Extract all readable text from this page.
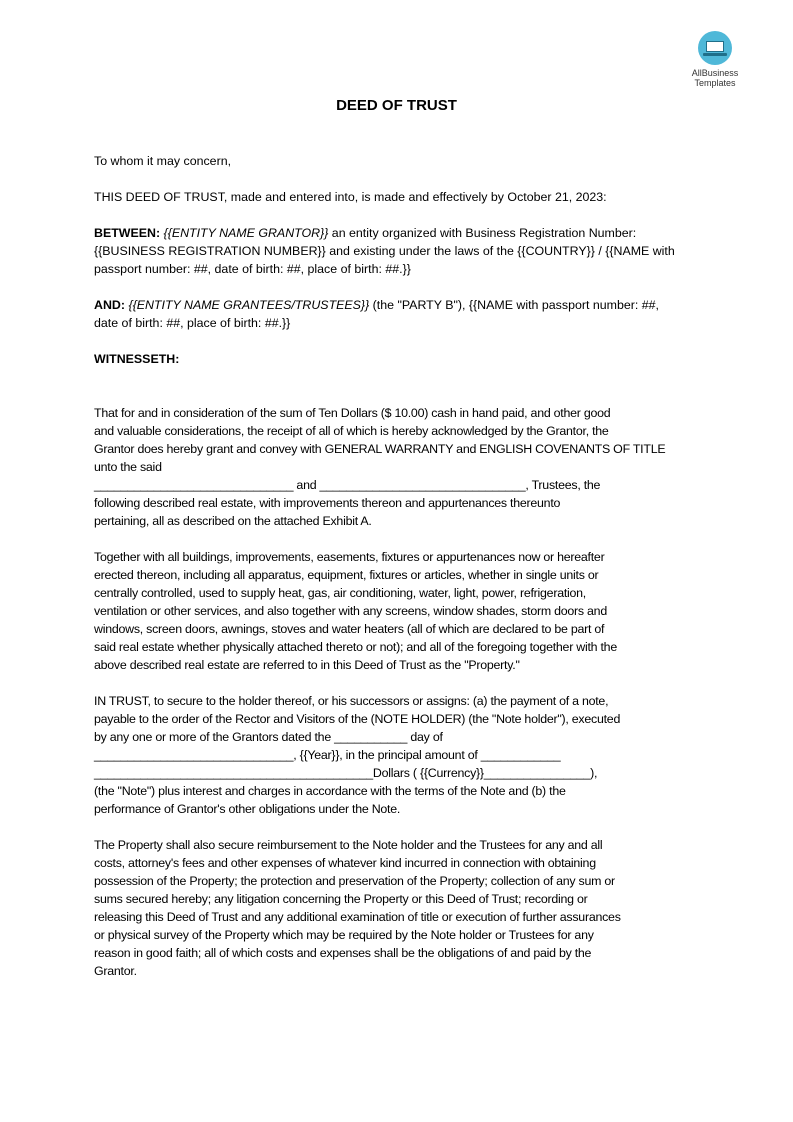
AllBusiness
Templates
DEED OF TRUST

To whom it may concern,

THIS DEED OF TRUST, made and entered into, is made and effectively by October 21, 2023:

BETWEEN: {{ENTITY NAME GRANTOR}} an entity organized with Business Registration Number:
{{BUSINESS REGISTRATION NUMBER}} and existing under the laws of the {{COUNTRY}} / {{NAME with
passport number: ##, date of birth: ##, place of birth: ##.}}

AND: {{ENTITY NAME GRANTEES/TRUSTEES}} (the "PARTY B"), {{NAME with passport number: ##,
date of birth: ##, place of birth: ##.}}

WITNESSETH:

That for and in consideration of the sum of Ten Dollars ($ 10.00) cash in hand paid, and other good
and valuable considerations, the receipt of all of which is hereby acknowledged by the Grantor, the
Grantor does hereby grant and convey with GENERAL WARRANTY and ENGLISH COVENANTS OF TITLE
unto the said
______________________________ and _______________________________, Trustees, the
following described real estate, with improvements thereon and appurtenances thereunto
pertaining, all as described on the attached Exhibit A.

Together with all buildings, improvements, easements, fixtures or appurtenances now or hereafter
erected thereon, including all apparatus, equipment, fixtures or articles, whether in single units or
centrally controlled, used to supply heat, gas, air conditioning, water, light, power, refrigeration,
ventilation or other services, and also together with any screens, window shades, storm doors and
windows, screen doors, awnings, stoves and water heaters (all of which are declared to be part of
said real estate whether physically attached thereto or not); and all of the foregoing together with the
above described real estate are referred to in this Deed of Trust as the "Property."

IN TRUST, to secure to the holder thereof, or his successors or assigns: (a) the payment of a note,
payable to the order of the Rector and Visitors of the (NOTE HOLDER) (the "Note holder"), executed
by any one or more of the Grantors dated the ___________ day of
______________________________, {{Year}}, in the principal amount of ____________
__________________________________________Dollars ( {{Currency}}________________),
(the "Note") plus interest and charges in accordance with the terms of the Note and (b) the
performance of Grantor's other obligations under the Note.

The Property shall also secure reimbursement to the Note holder and the Trustees for any and all
costs, attorney's fees and other expenses of whatever kind incurred in connection with obtaining
possession of the Property; the protection and preservation of the Property; collection of any sum or
sums secured hereby; any litigation concerning the Property or this Deed of Trust; recording or
releasing this Deed of Trust and any additional examination of title or execution of further assurances
or physical survey of the Property which may be required by the Note holder or Trustees for any
reason in good faith; all of which costs and expenses shall be the obligations of and paid by the
Grantor.
